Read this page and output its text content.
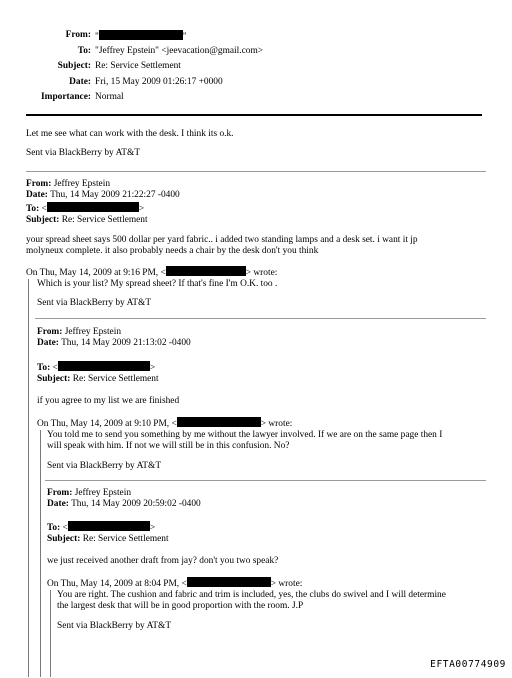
From: "	"
To: "Jeffrey Epstein" <jeevacation@gmail.com>
Subject: Re: Service Settlement
Date: Fri, 15 May 2009 01:26:17 +0000
Importance: Normal
Let me see what can work with the desk. I think its o.k.
Sent via BlackBerry by AT&T
From: Jeffrey Epstein
Date: Thu, 14 May 2009 21:22:27 -0400
To: <	>
Subject: Re: Service Settlement
your spread sheet says 500 dollar per yard fabric.. i added two standing lamps and a desk set. i want it jp
molyneux complete. it also probably needs a chair by the desk don't you think
On Thu, May 14, 2009 at 9:16 PM, <	> wrote:
Which is your list? My spread sheet? If that's fine I'm O.K. too .
Sent via BlackBerry by AT&T
From: Jeffrey Epstein
Date: Thu, 14 May 2009 21:13:02 -0400
To: <	>
Subject: Re: Service Settlement
if you agree to my list we are finished
On Thu, May 14, 2009 at 9:10 PM, <	> wrote:
You told me to send you something by me without the lawyer involved. If we are on the same page then I
will speak with him. If not we will still be in this confusion. No?
Sent via BlackBerry by AT&T
From: Jeffrey Epstein
Date: Thu, 14 May 2009 20:59:02 -0400
To: <	>
Subject: Re: Service Settlement
we just received another draft from jay? don't you two speak?
On Thu, May 14, 2009 at 8:04 PM, <	> wrote:
You are right. The cushion and fabric and trim is included, yes, the clubs do swivel and I will determine
the largest desk that will be in good proportion with the room. J.P
Sent via BlackBerry by AT&T
EFTA00774909
